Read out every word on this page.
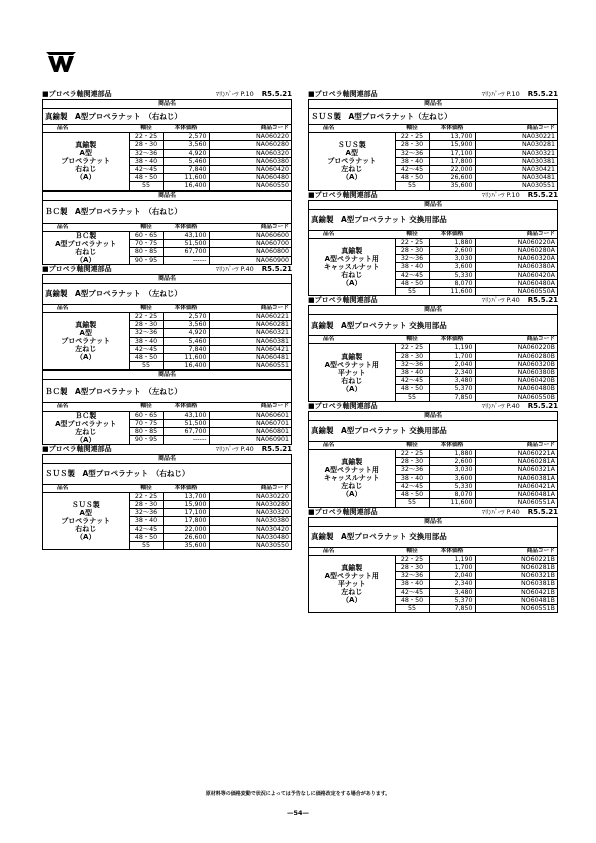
■プロペラ軸関連部品	ﾏﾘﾝﾊﾟｰﾂ P.10 R5.5.21
商品名
真鍮製　A型プロペラナット　（右ねじ）
品名	軸径	本体価格	商品コード

真鍮製
A型
プロペラナット
右ねじ
（A）	22・25	2,570	NA060220
	28・30	3,560	NA060280
	32～36	4,920	NA060320
	38・40	5,460	NA060380
	42～45	7,840	NA060420
	48・50	11,600	NA060480
	55	16,400	NA060550
商品名
ＢＣ製　A型プロペラナット　（右ねじ）
品名	軸径	本体価格	商品コード

ＢＣ製
A型プロペラナット
右ねじ
（A）	60・65	43,100	NA060600
	70・75	51,500	NA060700
	80・85	67,700	NA060800
	90・95	------	NA060900
■プロペラ軸関連部品	ﾏﾘﾝﾊﾟｰﾂ P.40 R5.5.21
商品名
真鍮製　A型プロペラナット　（左ねじ）
品名	軸径	本体価格	商品コード

真鍮製
A型
プロペラナット
左ねじ
（A）	22・25	2,570	NA060221
	28・30	3,560	NA060281
	32～36	4,920	NA060321
	38・40	5,460	NA060381
	42～45	7,840	NA060421
	48・50	11,600	NA060481
	55	16,400	NA060551
商品名
ＢＣ製　A型プロペラナット　（左ねじ）
品名	軸径	本体価格	商品コード

ＢＣ製
A型プロペラナット
左ねじ
（A）	60・65	43,100	NA060601
	70・75	51,500	NA060701
	80・85	67,700	NA060801
	90・95	------	NA060901
■プロペラ軸関連部品	ﾏﾘﾝﾊﾟｰﾂ P.40 R5.5.21
商品名
ＳＵＳ製　A型プロペラナット　（右ねじ）
品名	軸径	本体価格	商品コード

ＳＵＳ製
A型
プロペラナット
右ねじ
（A）	22・25	13,700	NA030220
	28・30	15,900	NA030280
	32～36	17,100	NA030320
	38・40	17,800	NA030380
	42～45	22,000	NA030420
	48・50	26,600	NA030480
	55	35,600	NA030550
■プロペラ軸関連部品	ﾏﾘﾝﾊﾟｰﾂ P.10 R5.5.21
商品名
ＳＵＳ製　A型プロペラナット（左ねじ）
品名	軸径	本体価格	商品コード

ＳＵＳ製
A型
プロペラナット
左ねじ
（A）	22・25	13,700	NA030221
	28・30	15,900	NA030281
	32～36	17,100	NA030321
	38・40	17,800	NA030381
	42～45	22,000	NA030421
	48・50	26,600	NA030481
	55	35,600	NA030551
■プロペラ軸関連部品	ﾏﾘﾝﾊﾟｰﾂ P.10 R5.5.21
商品名
真鍮製　A型プロペラナット 交換用部品
品名	軸径	本体価格	商品コード

真鍮製
A型ペラナット用
キャッスルナット
右ねじ
（A）	22・25	1,880	NA060220A
	28・30	2,600	NA060280A
	32～36	3,030	NA060320A
	38・40	3,600	NA060380A
	42～45	5,330	NA060420A
	48・50	8,070	NA060480A
	55	11,600	NA060550A
■プロペラ軸関連部品	ﾏﾘﾝﾊﾟｰﾂ P.40 R5.5.21
商品名
真鍮製　A型プロペラナット 交換用部品
品名	軸径	本体価格	商品コード

真鍮製
A型ペラナット用
平ナット
右ねじ
（A）	22・25	1,190	NA060220B
	28・30	1,700	NA060280B
	32～36	2,040	NA060320B
	38・40	2,340	NA060380B
	42～45	3,480	NA060420B
	48・50	5,370	NA060480B
	55	7,850	NA060550B
■プロペラ軸関連部品	ﾏﾘﾝﾊﾟｰﾂ P.40 R5.5.21
商品名
真鍮製　A型プロペラナット 交換用部品
品名	軸径	本体価格	商品コード

真鍮製
A型ペラナット用
キャッスルナット
左ねじ
（A）	22・25	1,880	NA060221A
	28・30	2,600	NA060281A
	32～36	3,030	NA060321A
	38・40	3,600	NA060381A
	42～45	5,330	NA060421A
	48・50	8,070	NA060481A
	55	11,600	NA060551A
■プロペラ軸関連部品	ﾏﾘﾝﾊﾟｰﾂ P.40 R5.5.21
商品名
真鍮製　A型プロペラナット 交換用部品
品名	軸径	本体価格	商品コード

真鍮製
A型ペラナット用
平ナット
左ねじ
（A）	22・25	1,190	NO60221B
	28・30	1,700	NO60281B
	32～36	2,040	NO60321B
	38・40	2,340	NO60381B
	42～45	3,480	NO60421B
	48・50	5,370	NO60481B
	55	7,850	NO60551B
原材料等の価格変動で状況によっては予告なしに価格改定をする場合があります。
—54—
